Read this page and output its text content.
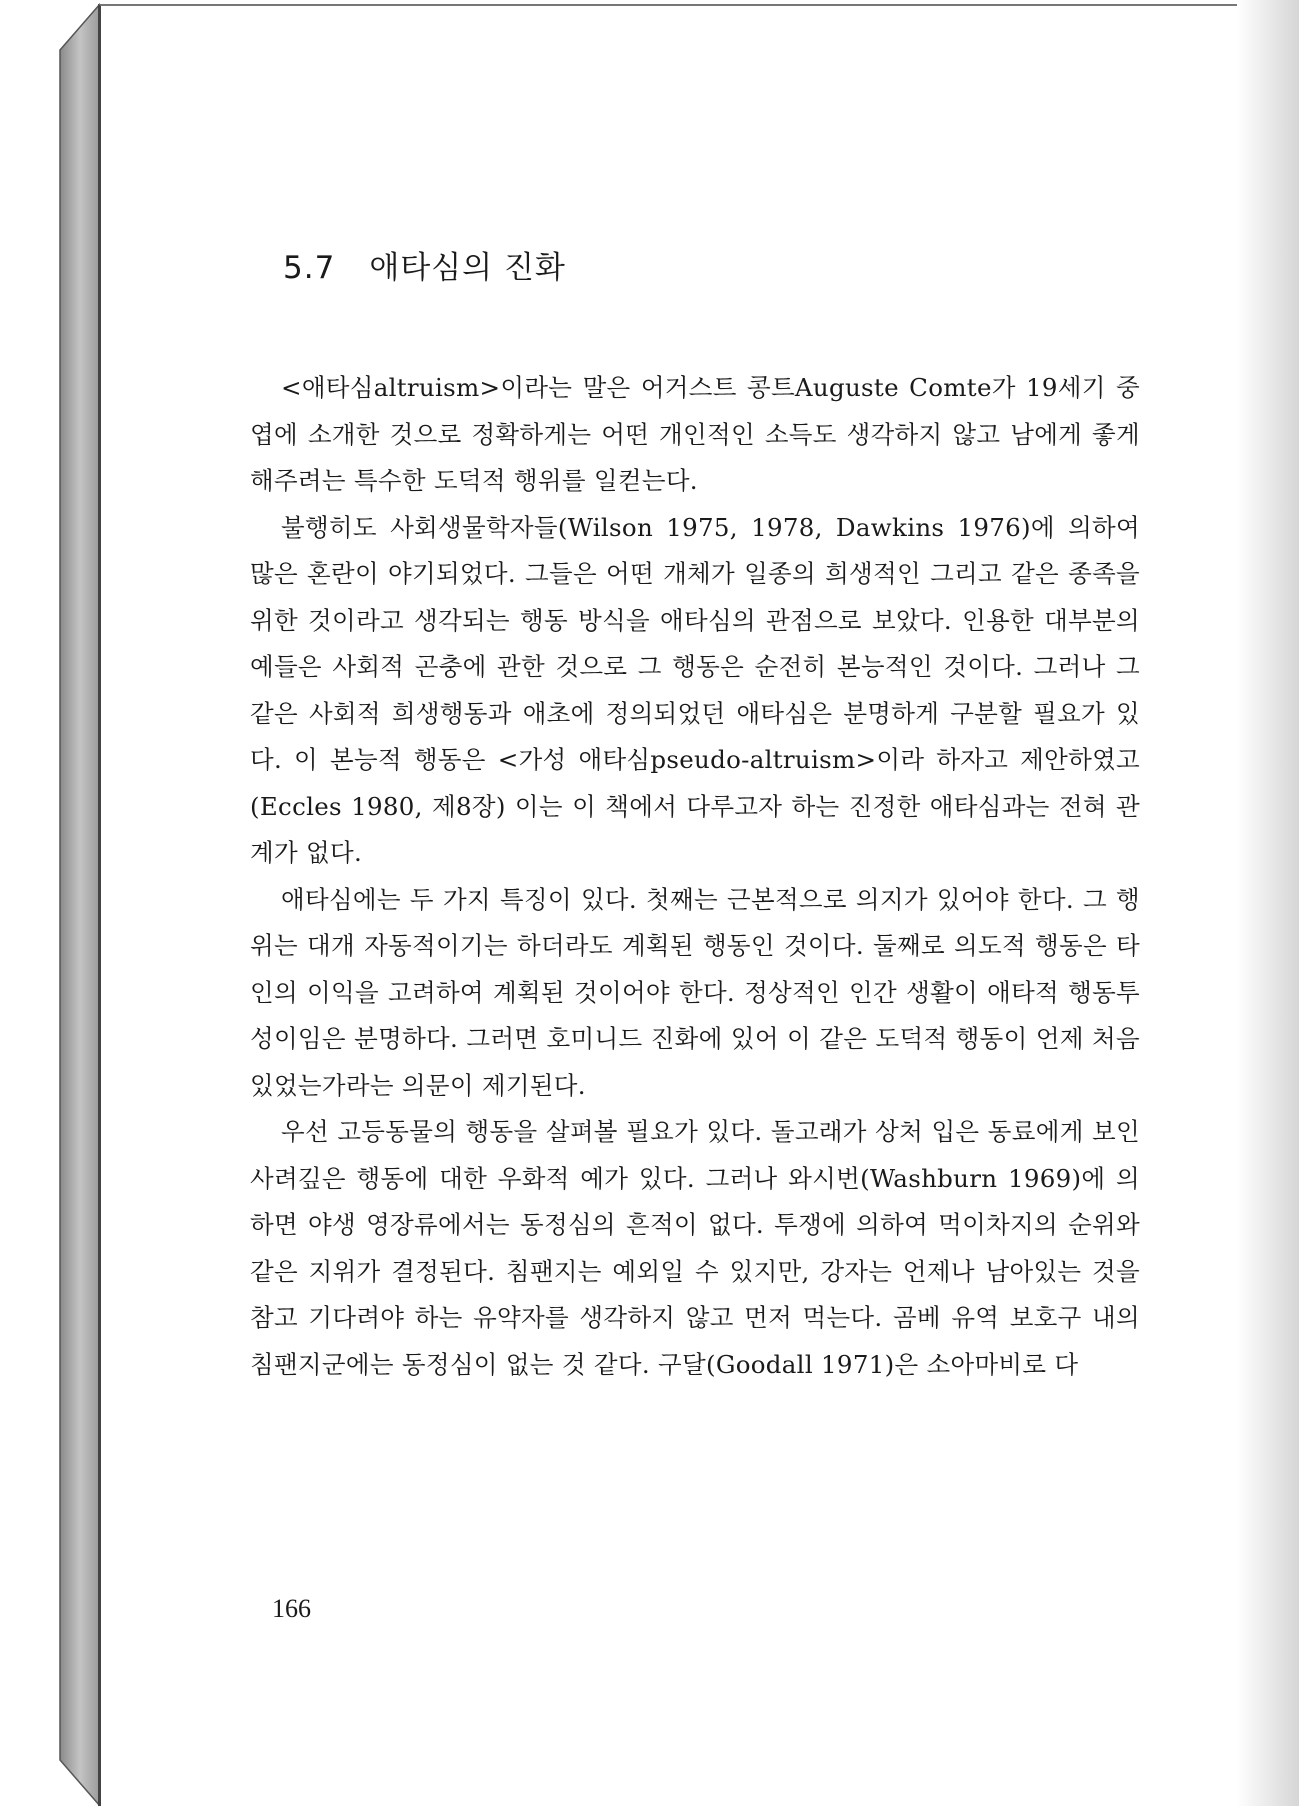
5.7 애타심의 진화

<애타심altruism>이라는 말은 어거스트 콩트Auguste Comte가 19세기 중엽에 소개한 것으로 정확하게는 어떤 개인적인 소득도 생각하지 않고 남에게 좋게 해주려는 특수한 도덕적 행위를 일컫는다.

불행히도 사회생물학자들(Wilson 1975, 1978, Dawkins 1976)에 의하여 많은 혼란이 야기되었다. 그들은 어떤 개체가 일종의 희생적인 그리고 같은 종족을 위한 것이라고 생각되는 행동 방식을 애타심의 관점으로 보았다. 인용한 대부분의 예들은 사회적 곤충에 관한 것으로 그 행동은 순전히 본능적인 것이다. 그러나 그 같은 사회적 희생행동과 애초에 정의되었던 애타심은 분명하게 구분할 필요가 있다. 이 본능적 행동은 <가성 애타심pseudo-altruism>이라 하자고 제안하였고(Eccles 1980, 제8장) 이는 이 책에서 다루고자 하는 진정한 애타심과는 전혀 관계가 없다.

애타심에는 두 가지 특징이 있다. 첫째는 근본적으로 의지가 있어야 한다. 그 행위는 대개 자동적이기는 하더라도 계획된 행동인 것이다. 둘째로 의도적 행동은 타인의 이익을 고려하여 계획된 것이어야 한다. 정상적인 인간 생활이 애타적 행동투성이임은 분명하다. 그러면 호미니드 진화에 있어 이 같은 도덕적 행동이 언제 처음 있었는가라는 의문이 제기된다.

우선 고등동물의 행동을 살펴볼 필요가 있다. 돌고래가 상처 입은 동료에게 보인 사려깊은 행동에 대한 우화적 예가 있다. 그러나 와시번(Washburn 1969)에 의하면 야생 영장류에서는 동정심의 흔적이 없다. 투쟁에 의하여 먹이차지의 순위와 같은 지위가 결정된다. 침팬지는 예외일 수 있지만, 강자는 언제나 남아있는 것을 참고 기다려야 하는 유약자를 생각하지 않고 먼저 먹는다. 곰베 유역 보호구 내의 침팬지군에는 동정심이 없는 것 같다. 구달(Goodall 1971)은 소아마비로 다

166
